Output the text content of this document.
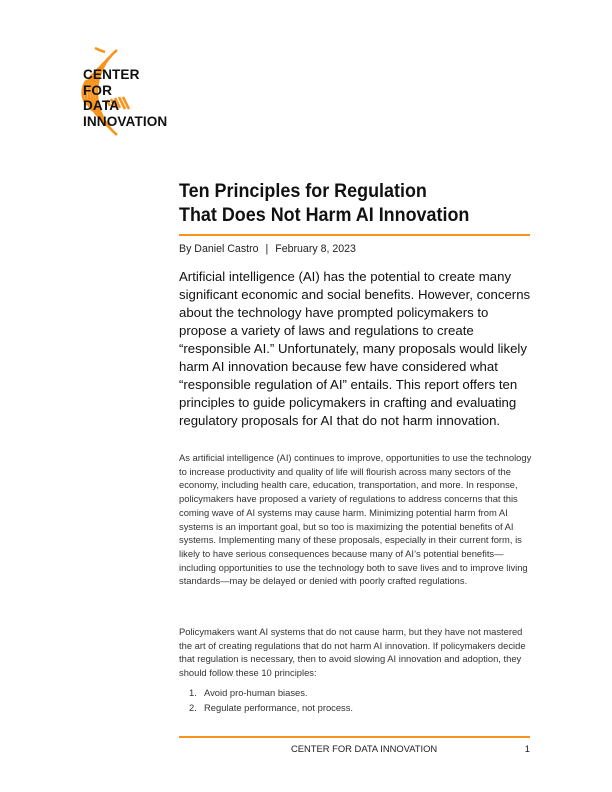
CENTER
FOR
DATA
INNOVATION
Ten Principles for Regulation
That Does Not Harm AI Innovation
By Daniel Castro | February 8, 2023
Artificial intelligence (AI) has the potential to create many significant economic and social benefits. However, concerns about the technology have prompted policymakers to propose a variety of laws and regulations to create “responsible AI.” Unfortunately, many proposals would likely harm AI innovation because few have considered what “responsible regulation of AI” entails. This report offers ten principles to guide policymakers in crafting and evaluating regulatory proposals for AI that do not harm innovation.
As artificial intelligence (AI) continues to improve, opportunities to use the technology to increase productivity and quality of life will flourish across many sectors of the economy, including health care, education, transportation, and more. In response, policymakers have proposed a variety of regulations to address concerns that this coming wave of AI systems may cause harm. Minimizing potential harm from AI systems is an important goal, but so too is maximizing the potential benefits of AI systems. Implementing many of these proposals, especially in their current form, is likely to have serious consequences because many of AI’s potential benefits—including opportunities to use the technology both to save lives and to improve living standards—may be delayed or denied with poorly crafted regulations.
Policymakers want AI systems that do not cause harm, but they have not mastered the art of creating regulations that do not harm AI innovation. If policymakers decide that regulation is necessary, then to avoid slowing AI innovation and adoption, they should follow these 10 principles:
1. Avoid pro-human biases.
2. Regulate performance, not process.
CENTER FOR DATA INNOVATION	1
